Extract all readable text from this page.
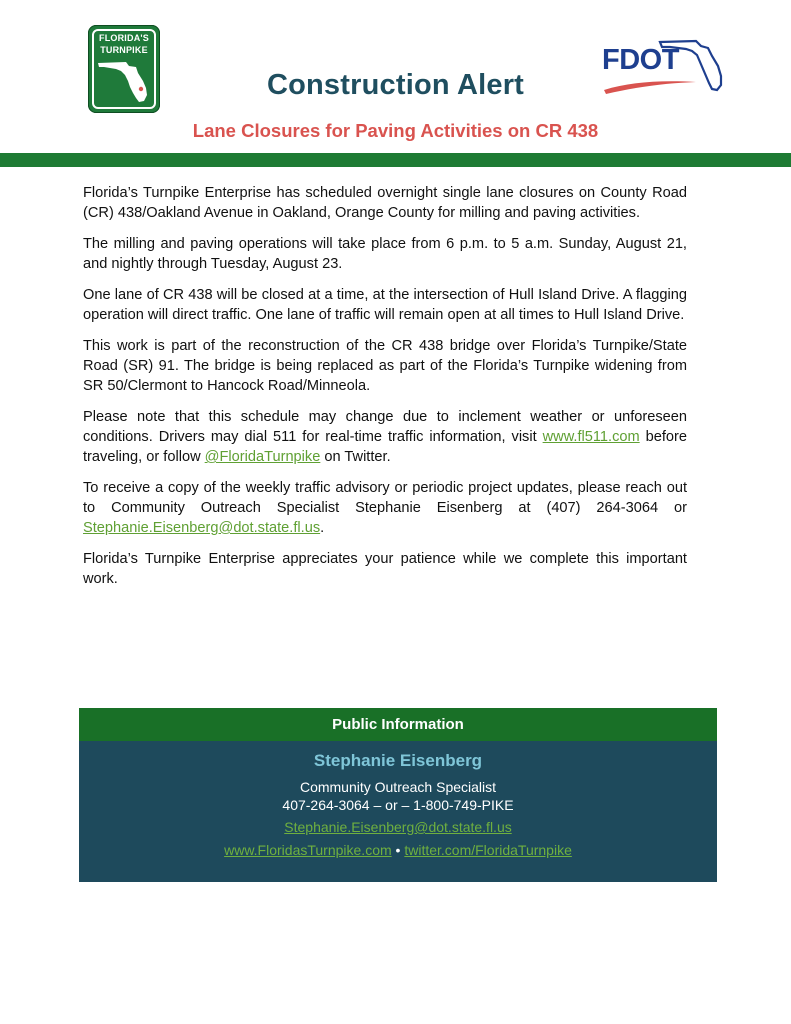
FLORIDA'S
TURNPIKE	FDOT
Construction Alert
Lane Closures for Paving Activities on CR 438

Florida’s Turnpike Enterprise has scheduled overnight single lane closures on County Road (CR) 438/Oakland Avenue in Oakland, Orange County for milling and paving activities.

The milling and paving operations will take place from 6 p.m. to 5 a.m. Sunday, August 21, and nightly through Tuesday, August 23.

One lane of CR 438 will be closed at a time, at the intersection of Hull Island Drive. A flagging operation will direct traffic. One lane of traffic will remain open at all times to Hull Island Drive.

This work is part of the reconstruction of the CR 438 bridge over Florida’s Turnpike/State Road (SR) 91. The bridge is being replaced as part of the Florida’s Turnpike widening from SR 50/Clermont to Hancock Road/Minneola.

Please note that this schedule may change due to inclement weather or unforeseen conditions. Drivers may dial 511 for real-time traffic information, visit www.fl511.com before traveling, or follow @FloridaTurnpike on Twitter.

To receive a copy of the weekly traffic advisory or periodic project updates, please reach out to Community Outreach Specialist Stephanie Eisenberg at (407) 264-3064 or Stephanie.Eisenberg@dot.state.fl.us.

Florida’s Turnpike Enterprise appreciates your patience while we complete this important work.

Public Information
Stephanie Eisenberg
Community Outreach Specialist
407-264-3064 – or – 1-800-749-PIKE
Stephanie.Eisenberg@dot.state.fl.us
www.FloridasTurnpike.com • twitter.com/FloridaTurnpike
